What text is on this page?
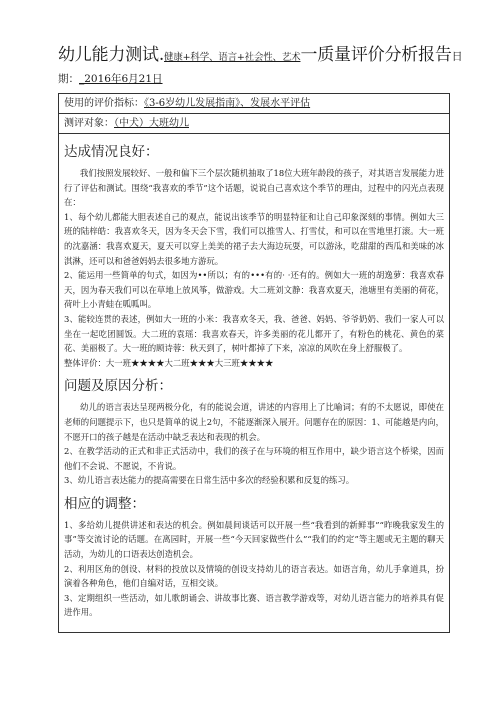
幼儿能力测试.健康+科学、语言+社会性、艺术一质量评价分析报告日
期：_2016年6月21日
使用的评价指标：《3-6岁幼儿发展指南》、发展水平评估
测评对象：（中犬）大班幼儿

达成情况良好：

我们按照发展较好、一般和偏下三个层次随机抽取了18位大班年龄段的孩子，对其语言发展能力进行了评估和测试。围绕“我喜欢的季节”这个话题，说说自己喜欢这个季节的理由，过程中的闪光点表现在：

1、每个幼儿都能大胆表述自己的观点，能说出该季节的明显特征和让自己印象深刻的事情。例如大三班的陆梓皓：我喜欢冬天，因为冬天会下雪，我们可以推雪人、打雪仗，和可以在雪地里打滚。大一班的沈嘉涵：我喜欢夏天，夏天可以穿上美美的裙子去大海边玩耍，可以游泳，吃甜甜的西瓜和美味的冰淇淋，还可以和爸爸妈妈去很多地方游玩。

2、能运用一些简单的句式，如因为••所以；有的•••有的· ·还有的。例如大一班的胡逸萝：我喜欢春天，因为春天我们可以在草地上放风筝，做游戏。大二班刘文静：我喜欢夏天，池塘里有美丽的荷花，荷叶上小青蛙在呱呱叫。

3、能较连贯的表述，例如大一班的小米：我喜欢冬天，我、爸爸、妈妈、爷爷奶奶、我们一家人可以坐在一起吃团圆饭。大二班的袁瑶：我喜欢春天，许多美丽的花儿都开了，有粉色的桃花、黄色的菜花、美丽极了。大一班的顾诗蓉：秋天到了，树叶都掉了下来，凉凉的风吹在身上舒服极了。

整体评价：大一班★★★★大二班★★★大三班★★★★

问题及原因分析：

幼儿的语言表达呈现两极分化，有的能说会道，讲述的内容用上了比喻词；有的不太愿说，即使在老师的问题提示下，也只是简单的说上2句，不能逐渐深入展开。问题存在的原因：1、可能越是内向，不愿开口的孩子越是在活动中缺乏表达和表现的机会。

2、在教学活动的正式和非正式活动中，我们的孩子在与环境的相互作用中，缺少语言这个桥梁，因而他们不会说、不愿说，不肯说。

3、幼儿语言表达能力的提高需要在日常生活中多次的经验积累和反复的练习。

相应的调整：

1、多给幼儿提供讲述和表达的机会。例如晨间谈话可以开展一些“我看到的新鲜事”“昨晚我家发生的事”等交流讨论的话题。在离园时，开展一些“今天回家做些什么”“我们的约定”等主题或无主题的聊天活动，为幼儿的口语表达创造机会。

2、利用区角的创设、材料的投放以及情境的创设支持幼儿的语言表达。如语言角，幼儿手拿道具，扮演着各种角色，他们自编对话，互相交谈。

3、定期组织一些活动，如儿歌朗诵会、讲故事比赛、语言教学游戏等，对幼儿语言能力的培养具有促进作用。
